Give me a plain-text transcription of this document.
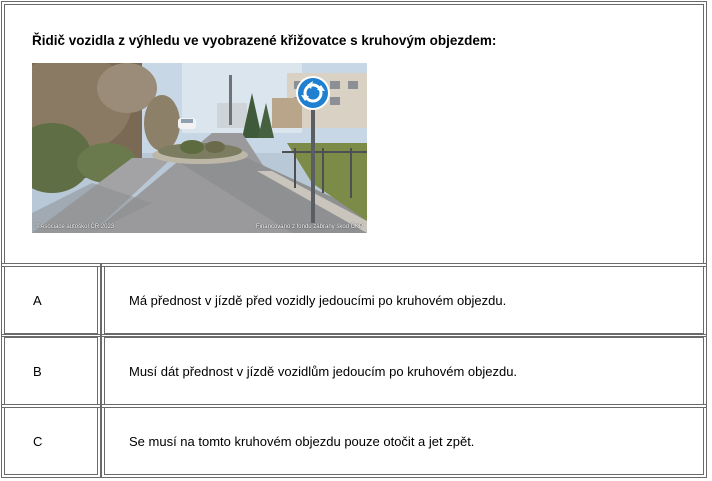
Řidič vozidla z výhledu ve vyobrazené křižovatce s kruhovým objezdem:
©Asociace autoškol ČR 2023	Financováno z fondu zábrany škod ČKP
A	Má přednost v jízdě před vozidly jedoucími po kruhovém objezdu.
B	Musí dát přednost v jízdě vozidlům jedoucím po kruhovém objezdu.
C	Se musí na tomto kruhovém objezdu pouze otočit a jet zpět.
